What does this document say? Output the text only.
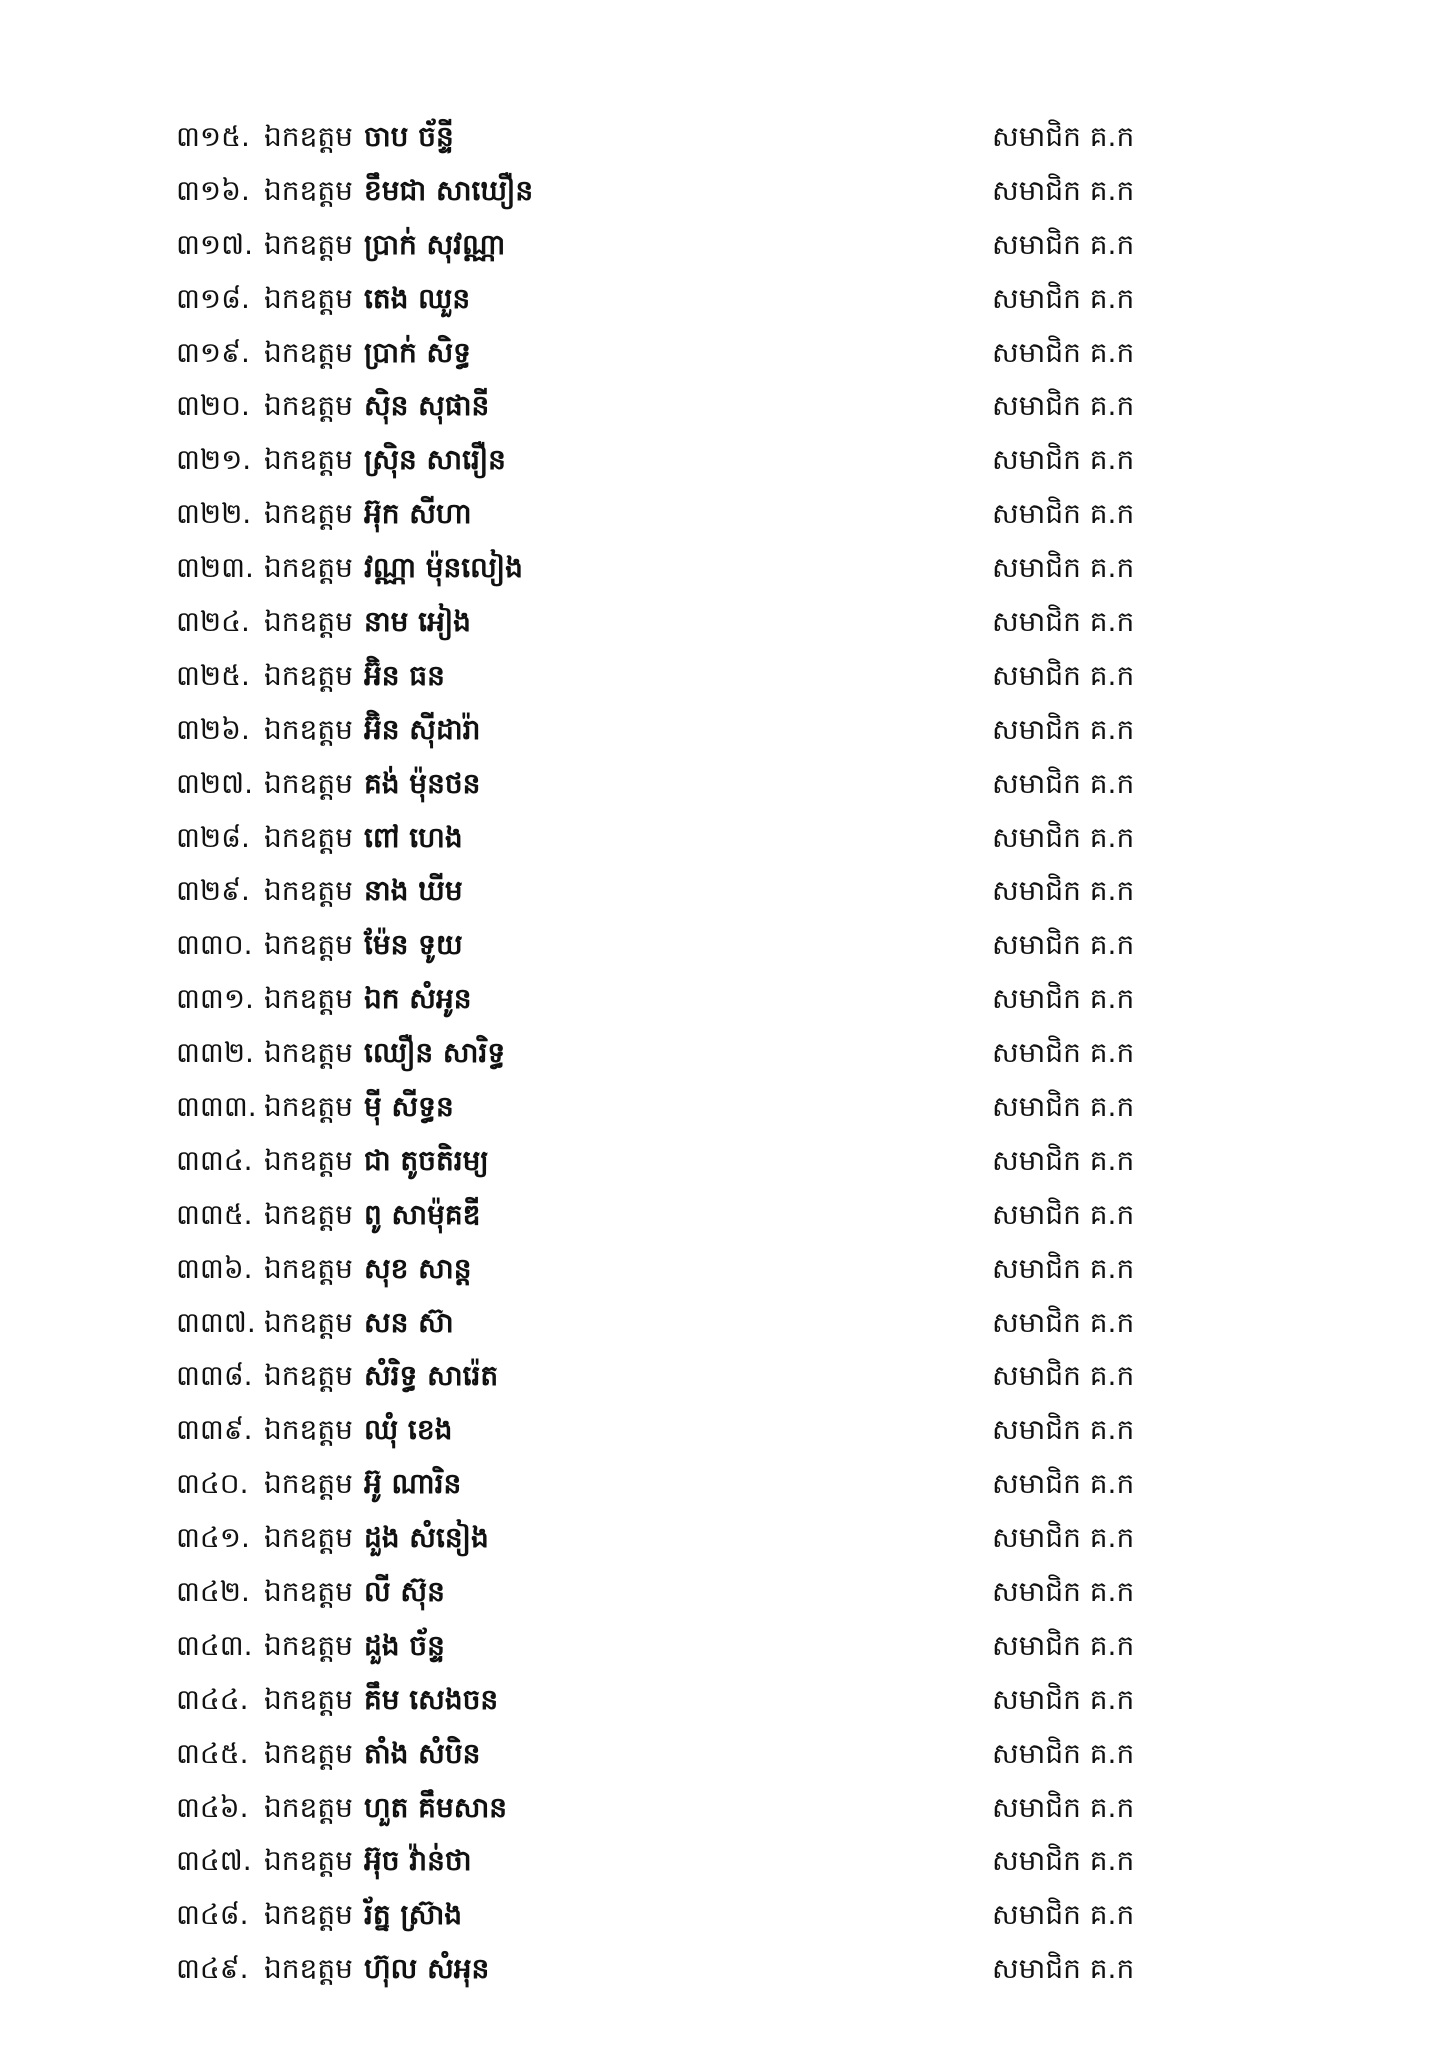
៣១៥. ឯកឧត្តម ចាប ច័ន្ទី	សមាជិក គ.ក
៣១៦. ឯកឧត្តម ខឹមជា សាឃឿន	សមាជិក គ.ក
៣១៧. ឯកឧត្តម ប្រាក់ សុវណ្ណា	សមាជិក គ.ក
៣១៨. ឯកឧត្តម តេង ឈួន	សមាជិក គ.ក
៣១៩. ឯកឧត្តម ប្រាក់ សិទ្ធ	សមាជិក គ.ក
៣២០. ឯកឧត្តម ស៊ិន សុផានី	សមាជិក គ.ក
៣២១. ឯកឧត្តម ស្រ៊ិន សារឿន	សមាជិក គ.ក
៣២២. ឯកឧត្តម អ៊ុក សីហា	សមាជិក គ.ក
៣២៣. ឯកឧត្តម វណ្ណា ម៉ុនលៀង	សមាជិក គ.ក
៣២៤. ឯកឧត្តម នាម អៀង	សមាជិក គ.ក
៣២៥. ឯកឧត្តម អ៊ិន ធន	សមាជិក គ.ក
៣២៦. ឯកឧត្តម អ៊ិន ស៊ីដារ៉ា	សមាជិក គ.ក
៣២៧. ឯកឧត្តម គង់ ម៉ុនថន	សមាជិក គ.ក
៣២៨. ឯកឧត្តម ពៅ ហេង	សមាជិក គ.ក
៣២៩. ឯកឧត្តម នាង ឃីម	សមាជិក គ.ក
៣៣០. ឯកឧត្តម ម៉ែន ទូយ	សមាជិក គ.ក
៣៣១. ឯកឧត្តម ឯក សំអូន	សមាជិក គ.ក
៣៣២. ឯកឧត្តម ឈឿន សារិទ្ធ	សមាជិក គ.ក
៣៣៣. ឯកឧត្តម ម៉ី សីទ្ធន	សមាជិក គ.ក
៣៣៤. ឯកឧត្តម ជា តូចតិរម្យ	សមាជិក គ.ក
៣៣៥. ឯកឧត្តម ពូ សាម៉ុគឌី	សមាជិក គ.ក
៣៣៦. ឯកឧត្តម សុខ សាន្ត	សមាជិក គ.ក
៣៣៧. ឯកឧត្តម សន ស៊ា	សមាជិក គ.ក
៣៣៨. ឯកឧត្តម សំរិទ្ធ សារ៉េត	សមាជិក គ.ក
៣៣៩. ឯកឧត្តម ឈុំ ខេង	សមាជិក គ.ក
៣៤០. ឯកឧត្តម អ៊ូ ណារិន	សមាជិក គ.ក
៣៤១. ឯកឧត្តម ដួង សំនៀង	សមាជិក គ.ក
៣៤២. ឯកឧត្តម លី ស៊ុន	សមាជិក គ.ក
៣៤៣. ឯកឧត្តម ដួង ច័ន្ទ	សមាជិក គ.ក
៣៤៤. ឯកឧត្តម គឹម សេងចន	សមាជិក គ.ក
៣៤៥. ឯកឧត្តម តាំង សំបិន	សមាជិក គ.ក
៣៤៦. ឯកឧត្តម ហួត គឹមសាន	សមាជិក គ.ក
៣៤៧. ឯកឧត្តម អ៊ុច វ៉ាន់ថា	សមាជិក គ.ក
៣៤៨. ឯកឧត្តម រ័ត្ន ស្រ៊ាង	សមាជិក គ.ក
៣៤៩. ឯកឧត្តម ហ៊ុល សំអុន	សមាជិក គ.ក
